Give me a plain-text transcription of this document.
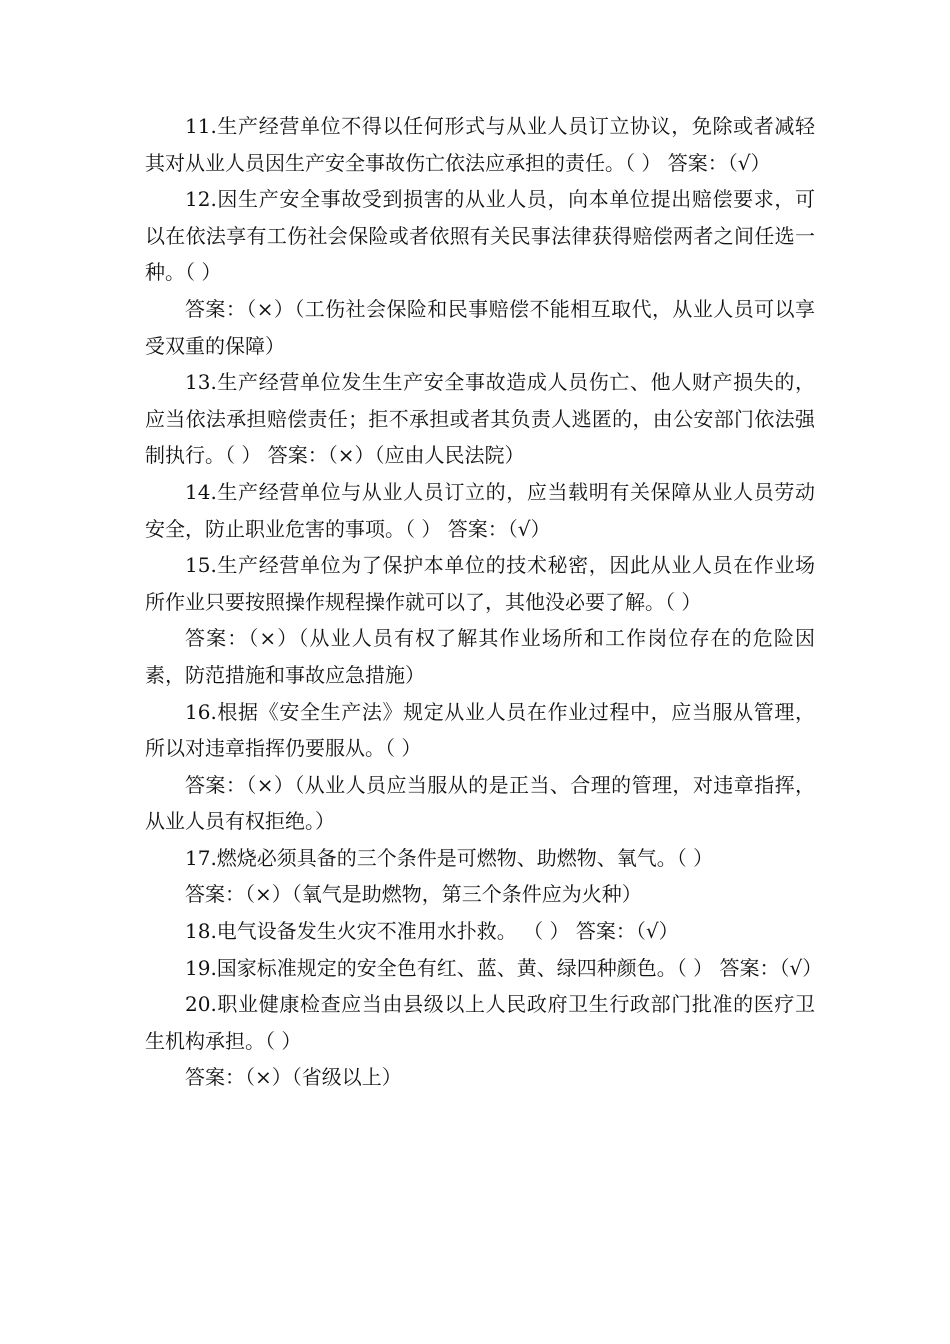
11.生产经营单位不得以任何形式与从业人员订立协议，免除或者减轻其对从业人员因生产安全事故伤亡依法应承担的责任。（ ） 答案：（√）

12.因生产安全事故受到损害的从业人员，向本单位提出赔偿要求，可以在依法享有工伤社会保险或者依照有关民事法律获得赔偿两者之间任选一种。（ ）

答案：（×）（工伤社会保险和民事赔偿不能相互取代，从业人员可以享受双重的保障）

13.生产经营单位发生生产安全事故造成人员伤亡、他人财产损失的，应当依法承担赔偿责任；拒不承担或者其负责人逃匿的，由公安部门依法强制执行。（ ） 答案：（×）（应由人民法院）

14.生产经营单位与从业人员订立的，应当载明有关保障从业人员劳动安全，防止职业危害的事项。（ ） 答案：（√）

15.生产经营单位为了保护本单位的技术秘密，因此从业人员在作业场所作业只要按照操作规程操作就可以了，其他没必要了解。（ ）

答案：（×）（从业人员有权了解其作业场所和工作岗位存在的危险因素，防范措施和事故应急措施）

16.根据《安全生产法》规定从业人员在作业过程中，应当服从管理，所以对违章指挥仍要服从。（ ）

答案：（×）（从业人员应当服从的是正当、合理的管理，对违章指挥，从业人员有权拒绝。）

17.燃烧必须具备的三个条件是可燃物、助燃物、氧气。（ ）

答案：（×）（氧气是助燃物，第三个条件应为火种）

18.电气设备发生火灾不准用水扑救。 （ ） 答案：（√）

19.国家标准规定的安全色有红、蓝、黄、绿四种颜色。（ ） 答案：（√）

20.职业健康检查应当由县级以上人民政府卫生行政部门批准的医疗卫生机构承担。（ ）

答案：（×）（省级以上）
